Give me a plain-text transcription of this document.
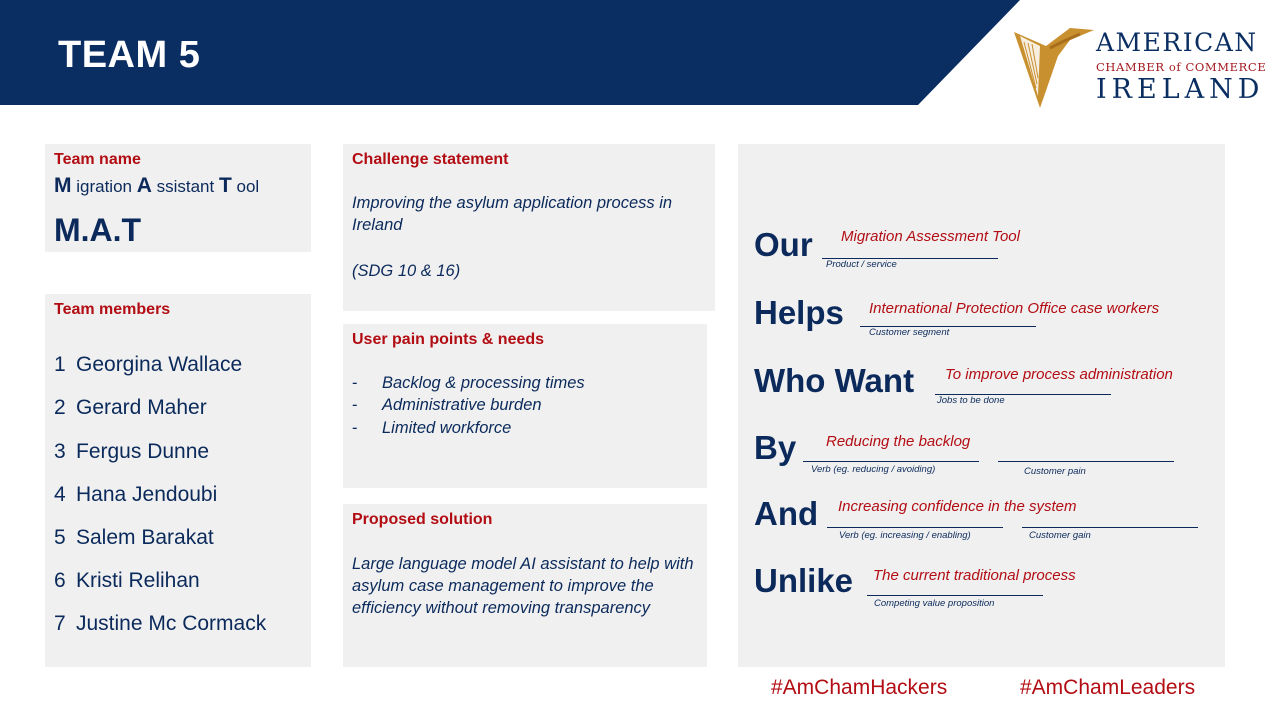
TEAM 5	AMERICAN
CHAMBER of COMMERCE
IRELAND
Team name
M igration A ssistant T ool
M.A.T
Team members
1 Georgina Wallace
2 Gerard Maher
3 Fergus Dunne
4 Hana Jendoubi
5 Salem Barakat
6 Kristi Relihan
7 Justine Mc Cormack
Challenge statement
Improving the asylum application process in Ireland
(SDG 10 & 16)
User pain points & needs
- Backlog & processing times
- Administrative burden
- Limited workforce
Proposed solution
Large language model AI assistant to help with asylum case management to improve the efficiency without removing transparency
Our Migration Assessment Tool
Product / service
Helps International Protection Office case workers
Customer segment
Who Want To improve process administration
Jobs to be done
By Reducing the backlog
Verb (eg. reducing / avoiding)	Customer pain
And Increasing confidence in the system
Verb (eg. increasing / enabling)	Customer gain
Unlike The current traditional process
Competing value proposition
#AmChamHackers	#AmChamLeaders
